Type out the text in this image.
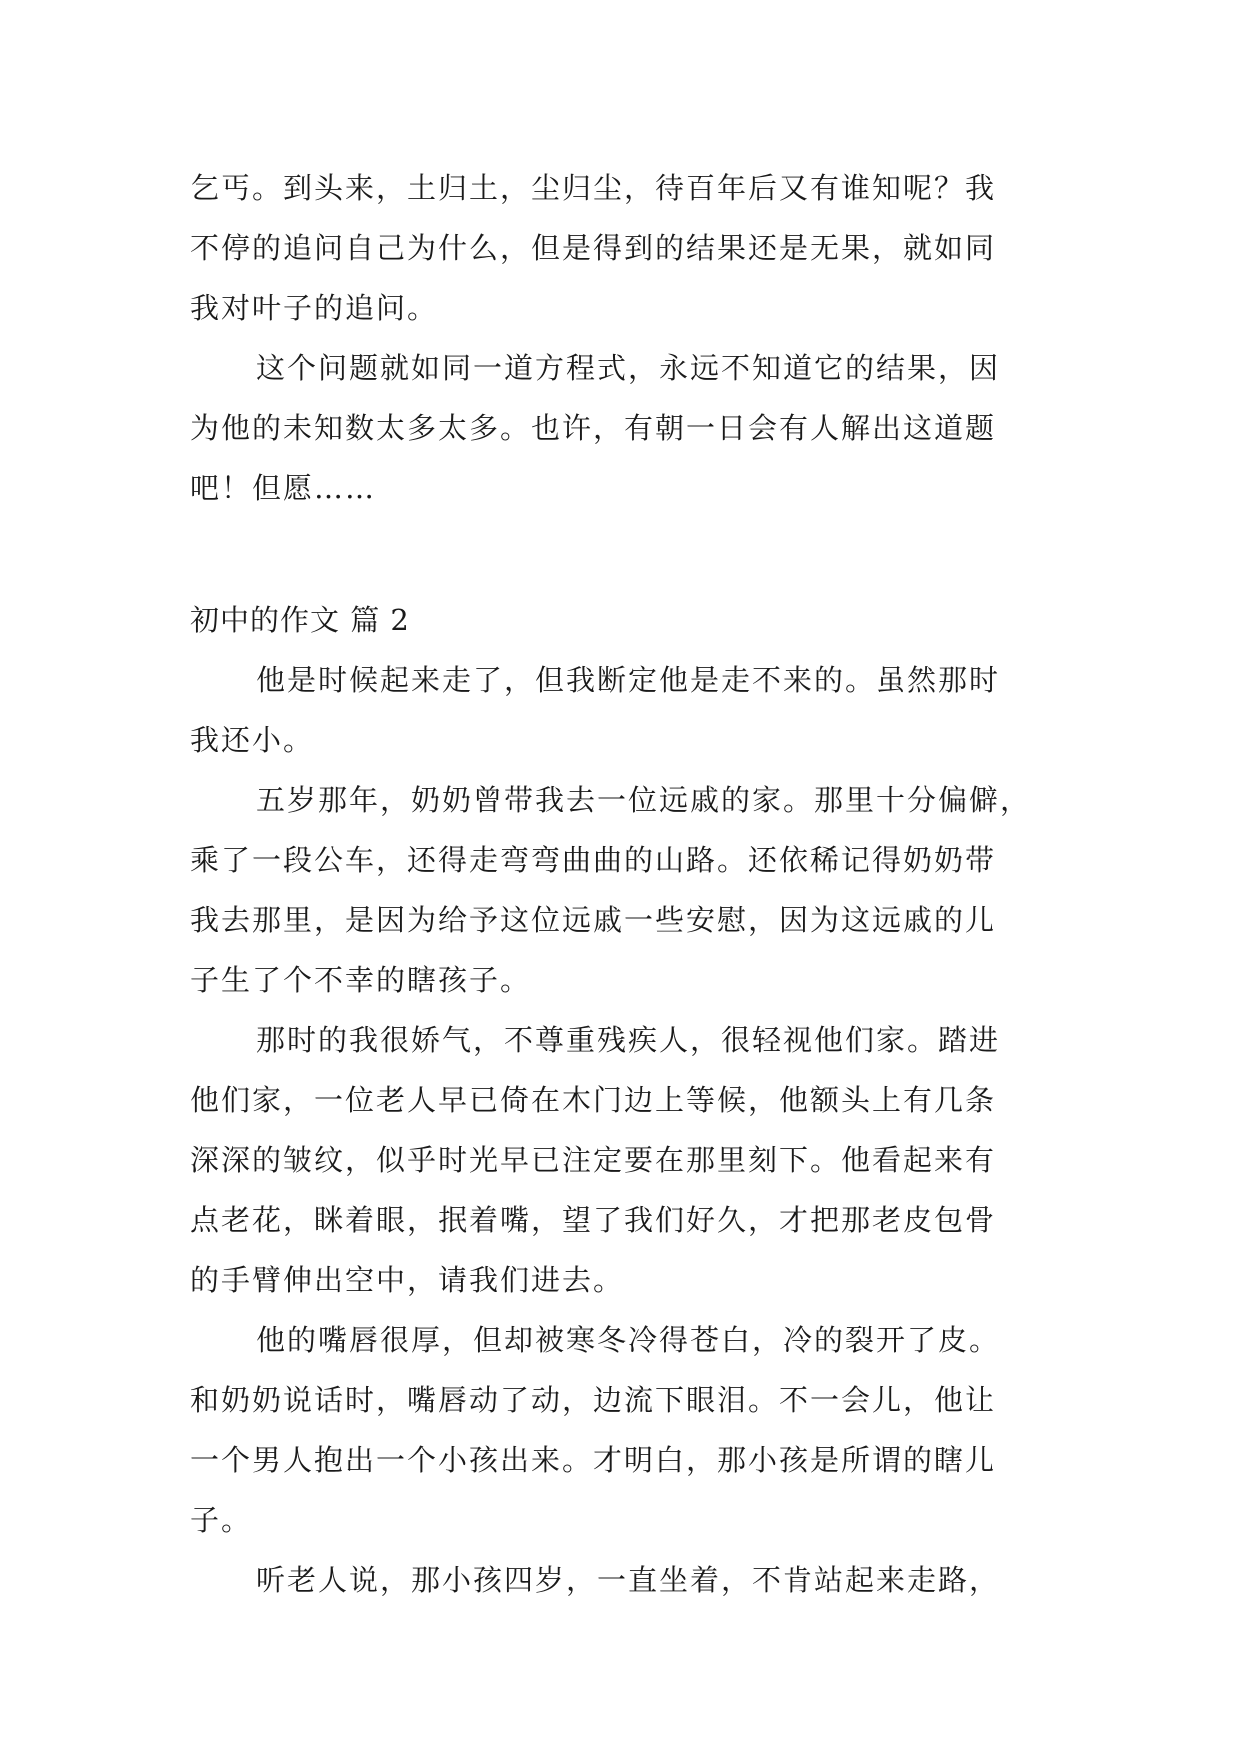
乞丐。到头来，土归土，尘归尘，待百年后又有谁知呢？我

不停的追问自己为什么，但是得到的结果还是无果，就如同

我对叶子的追问。

这个问题就如同一道方程式，永远不知道它的结果，因

为他的未知数太多太多。也许，有朝一日会有人解出这道题

吧！但愿……

初中的作文 篇 2

他是时候起来走了，但我断定他是走不来的。虽然那时

我还小。

五岁那年，奶奶曾带我去一位远戚的家。那里十分偏僻，

乘了一段公车，还得走弯弯曲曲的山路。还依稀记得奶奶带

我去那里，是因为给予这位远戚一些安慰，因为这远戚的儿

子生了个不幸的瞎孩子。

那时的我很娇气，不尊重残疾人，很轻视他们家。踏进

他们家，一位老人早已倚在木门边上等候，他额头上有几条

深深的皱纹，似乎时光早已注定要在那里刻下。他看起来有

点老花，眯着眼，抿着嘴，望了我们好久，才把那老皮包骨

的手臂伸出空中，请我们进去。

他的嘴唇很厚，但却被寒冬冷得苍白，冷的裂开了皮。

和奶奶说话时，嘴唇动了动，边流下眼泪。不一会儿，他让

一个男人抱出一个小孩出来。才明白，那小孩是所谓的瞎儿

子。

听老人说，那小孩四岁，一直坐着，不肯站起来走路，
